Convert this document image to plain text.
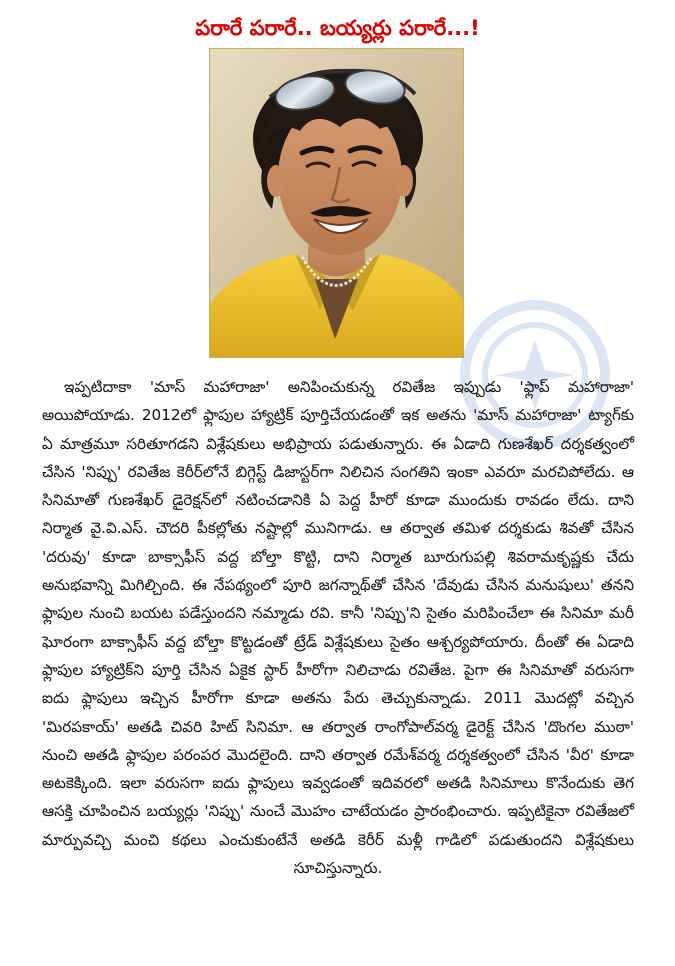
పరారే పరారే.. బయ్యర్లు పరారే...!

ఇప్పటిదాకా 'మాస్ మహారాజా' అనిపించుకున్న రవితేజ ఇప్పుడు 'ఫ్లాప్ మహారాజా' అయిపోయాడు. 2012లో ఫ్లాపుల హ్యాట్రిక్ పూర్తిచేయడంతో ఇక అతను 'మాస్ మహారాజా' ట్యాగ్‌కు ఏ మాత్రమూ సరితూగడని విశ్లేషకులు అభిప్రాయ పడుతున్నారు. ఈ ఏడాది గుణశేఖర్ దర్శకత్వంలో చేసిన 'నిప్పు' రవితేజ కెరీర్‌లోనే బిగ్గెస్ట్ డిజాస్టర్‌గా నిలిచిన సంగతిని ఇంకా ఎవరూ మరచిపోలేదు. ఆ సినిమాతో గుణశేఖర్ డైరెక్షన్‌లో నటించడానికి ఏ పెద్ద హీరో కూడా ముందుకు రావడం లేదు. దాని నిర్మాత వై.వి.ఎస్. చౌదరి పీకల్లోతు నష్టాల్లో మునిగాడు. ఆ తర్వాత తమిళ దర్శకుడు శివతో చేసిన 'దరువు' కూడా బాక్సాఫీస్ వద్ద బోల్తా కొట్టి, దాని నిర్మాత బూరుగుపల్లి శివరామకృష్ణకు చేదు అనుభవాన్ని మిగిల్చింది. ఈ నేపథ్యంలో పూరి జగన్నాథ్‌తో చేసిన 'దేవుడు చేసిన మనుషులు' తనని ఫ్లాపుల నుంచి బయట పడేస్తుందని నమ్మాడు రవి. కానీ 'నిప్పు'ని సైతం మరిపించేలా ఈ సినిమా మరీ ఘోరంగా బాక్సాఫీస్ వద్ద బోల్తా కొట్టడంతో ట్రేడ్ విశ్లేషకులు సైతం ఆశ్చర్యపోయారు. దీంతో ఈ ఏడాది ఫ్లాపుల హ్యాట్రిక్‌ని పూర్తి చేసిన ఏకైక స్టార్ హీరోగా నిలిచాడు రవితేజ. పైగా ఈ సినిమాతో వరుసగా ఐదు ఫ్లాపులు ఇచ్చిన హీరోగా కూడా అతను పేరు తెచ్చుకున్నాడు. 2011 మొదట్లో వచ్చిన 'మిరపకాయ్' అతడి చివరి హిట్ సినిమా. ఆ తర్వాత రాంగోపాల్‌వర్మ డైరెక్ట్ చేసిన 'దొంగల ముఠా' నుంచి అతడి ఫ్లాపుల పరంపర మొదలైంది. దాని తర్వాత రమేశ్‌వర్మ దర్శకత్వంలో చేసిన 'వీర' కూడా అటకెక్కింది. ఇలా వరుసగా ఐదు ఫ్లాపులు ఇవ్వడంతో ఇదివరలో అతడి సినిమాలు కొనేందుకు తెగ ఆసక్తి చూపించిన బయ్యర్లు 'నిప్పు' నుంచే మొహం చాటేయడం ప్రారంభించారు. ఇప్పటికైనా రవితేజలో మార్పువచ్చి మంచి కథలు ఎంచుకుంటేనే అతడి కెరీర్ మళ్లీ గాడిలో పడుతుందని విశ్లేషకులు సూచిస్తున్నారు.
